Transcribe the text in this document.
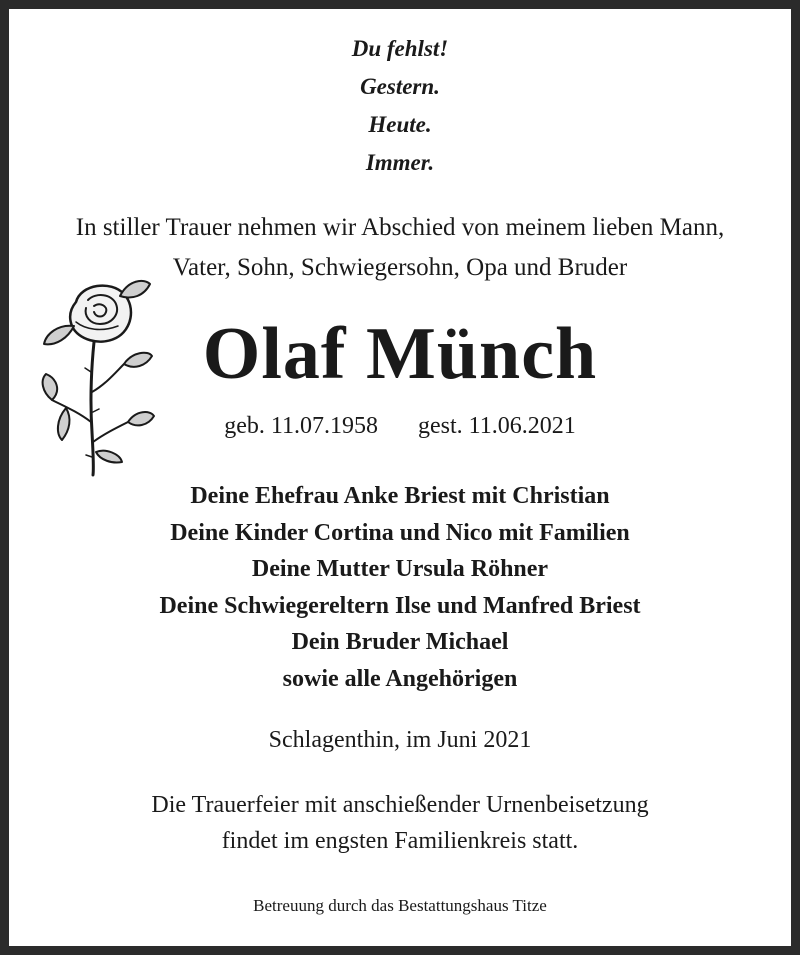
Du fehlst!
Gestern.
Heute.
Immer.
In stiller Trauer nehmen wir Abschied von meinem lieben Mann,
Vater, Sohn, Schwiegersohn, Opa und Bruder
Olaf Münch
geb. 11.07.1958 gest. 11.06.2021
Deine Ehefrau Anke Briest mit Christian
Deine Kinder Cortina und Nico mit Familien
Deine Mutter Ursula Röhner
Deine Schwiegereltern Ilse und Manfred Briest
Dein Bruder Michael
sowie alle Angehörigen
Schlagenthin, im Juni 2021
Die Trauerfeier mit anschießender Urnenbeisetzung
findet im engsten Familienkreis statt.
Betreuung durch das Bestattungshaus Titze
